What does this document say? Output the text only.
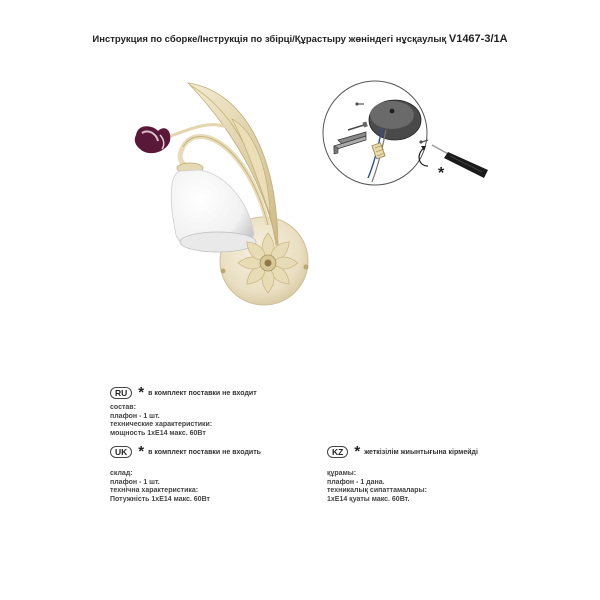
Инструкция по сборке/Інструкція по збірці/Құрастыру жөніндегі нұсқаулық V1467-3/1A
*
RU * в комплект поставки не входит
состав:
плафон - 1 шт.
технические характеристики:
мощность 1xE14 макс. 60Вт
UK * в комплект поставки не входить
склад:
плафон - 1 шт.
технічна характеристика:
Потужність 1xE14 макс. 60Вт
KZ * жеткізілім жиынтығына кірмейді
құрамы:
плафон - 1 дана.
техникалық сипаттамалары:
1xE14 қуаты макс. 60Вт.
